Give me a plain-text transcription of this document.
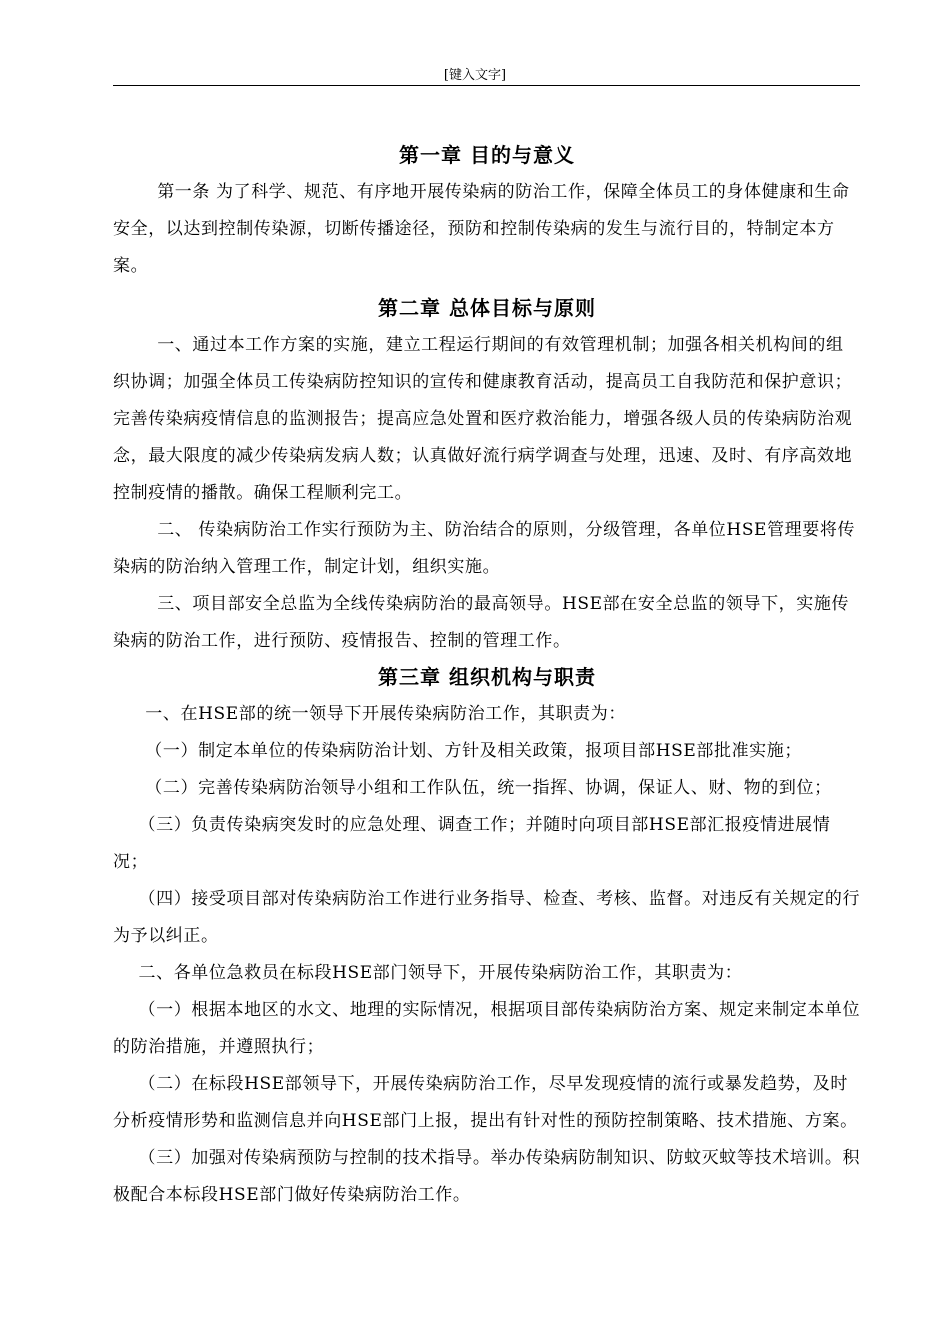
[键入文字]
第一章 目的与意义

第一条 为了科学、规范、有序地开展传染病的防治工作，保障全体员工的身体健康和生命安全，以达到控制传染源，切断传播途径，预防和控制传染病的发生与流行目的，特制定本方案。

第二章 总体目标与原则

一、通过本工作方案的实施，建立工程运行期间的有效管理机制；加强各相关机构间的组织协调；加强全体员工传染病防控知识的宣传和健康教育活动，提高员工自我防范和保护意识；完善传染病疫情信息的监测报告；提高应急处置和医疗救治能力，增强各级人员的传染病防治观念，最大限度的减少传染病发病人数；认真做好流行病学调查与处理，迅速、及时、有序高效地控制疫情的播散。确保工程顺利完工。

二、 传染病防治工作实行预防为主、防治结合的原则，分级管理，各单位HSE管理要将传染病的防治纳入管理工作，制定计划，组织实施。

三、项目部安全总监为全线传染病防治的最高领导。HSE部在安全总监的领导下，实施传染病的防治工作，进行预防、疫情报告、控制的管理工作。

第三章 组织机构与职责

一、在HSE部的统一领导下开展传染病防治工作，其职责为：

（一）制定本单位的传染病防治计划、方针及相关政策，报项目部HSE部批准实施；

（二）完善传染病防治领导小组和工作队伍，统一指挥、协调，保证人、财、物的到位；

（三）负责传染病突发时的应急处理、调查工作；并随时向项目部HSE部汇报疫情进展情况；

（四）接受项目部对传染病防治工作进行业务指导、检查、考核、监督。对违反有关规定的行为予以纠正。

二、各单位急救员在标段HSE部门领导下，开展传染病防治工作，其职责为：

（一）根据本地区的水文、地理的实际情况，根据项目部传染病防治方案、规定来制定本单位的防治措施，并遵照执行；

（二）在标段HSE部领导下，开展传染病防治工作，尽早发现疫情的流行或暴发趋势，及时分析疫情形势和监测信息并向HSE部门上报，提出有针对性的预防控制策略、技术措施、方案。

（三）加强对传染病预防与控制的技术指导。举办传染病防制知识、防蚊灭蚊等技术培训。积极配合本标段HSE部门做好传染病防治工作。
